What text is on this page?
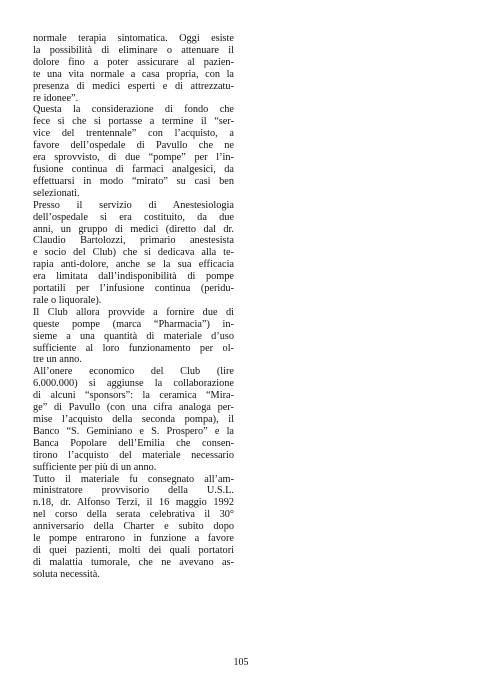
normale terapia sintomatica. Oggi esiste
la possibilità di eliminare o attenuare il
dolore fino a poter assicurare al pazien-
te una vita normale a casa propria, con la
presenza di medici esperti e di attrezzatu-
re idonee”.

Questa la considerazione di fondo che
fece sì che si portasse a termine il “ser-
vice del trentennale” con l’acquisto, a
favore dell’ospedale di Pavullo che ne
era sprovvisto, di due “pompe” per l’in-
fusione continua di farmaci analgesici, da
effettuarsi in modo “mirato” su casi ben
selezionati.

Presso il servizio di Anestesiologia
dell’ospedale si era costituito, da due
anni, un gruppo di medici (diretto dal dr.
Claudio Bartolozzi, primario anestesista
e socio del Club) che si dedicava alla te-
rapia anti-dolore, anche se la sua efficacia
era limitata dall’indisponibilità di pompe
portatili per l’infusione continua (peridu-
rale o liquorale).

Il Club allora provvide a fornire due di
queste pompe (marca “Pharmacia”) in-
sieme a una quantità di materiale d’uso
sufficiente al loro funzionamento per ol-
tre un anno.

All’onere economico del Club (lire
6.000.000) si aggiunse la collaborazione
di alcuni “sponsors”: la ceramica “Mira-
ge” di Pavullo (con una cifra analoga per-
mise l’acquisto della seconda pompa), il
Banco “S. Geminiano e S. Prospero” e la
Banca Popolare dell’Emilia che consen-
tirono l’acquisto del materiale necessario
sufficiente per più di un anno.

Tutto il materiale fu consegnato all’am-
ministratore provvisorio della U.S.L.
n.18, dr. Alfonso Terzi, il 16 maggio 1992
nel corso della serata celebrativa il 30°
anniversario della Charter e subito dopo
le pompe entrarono in funzione a favore
di quei pazienti, molti dei quali portatori
di malattia tumorale, che ne avevano as-
soluta necessità.

105
